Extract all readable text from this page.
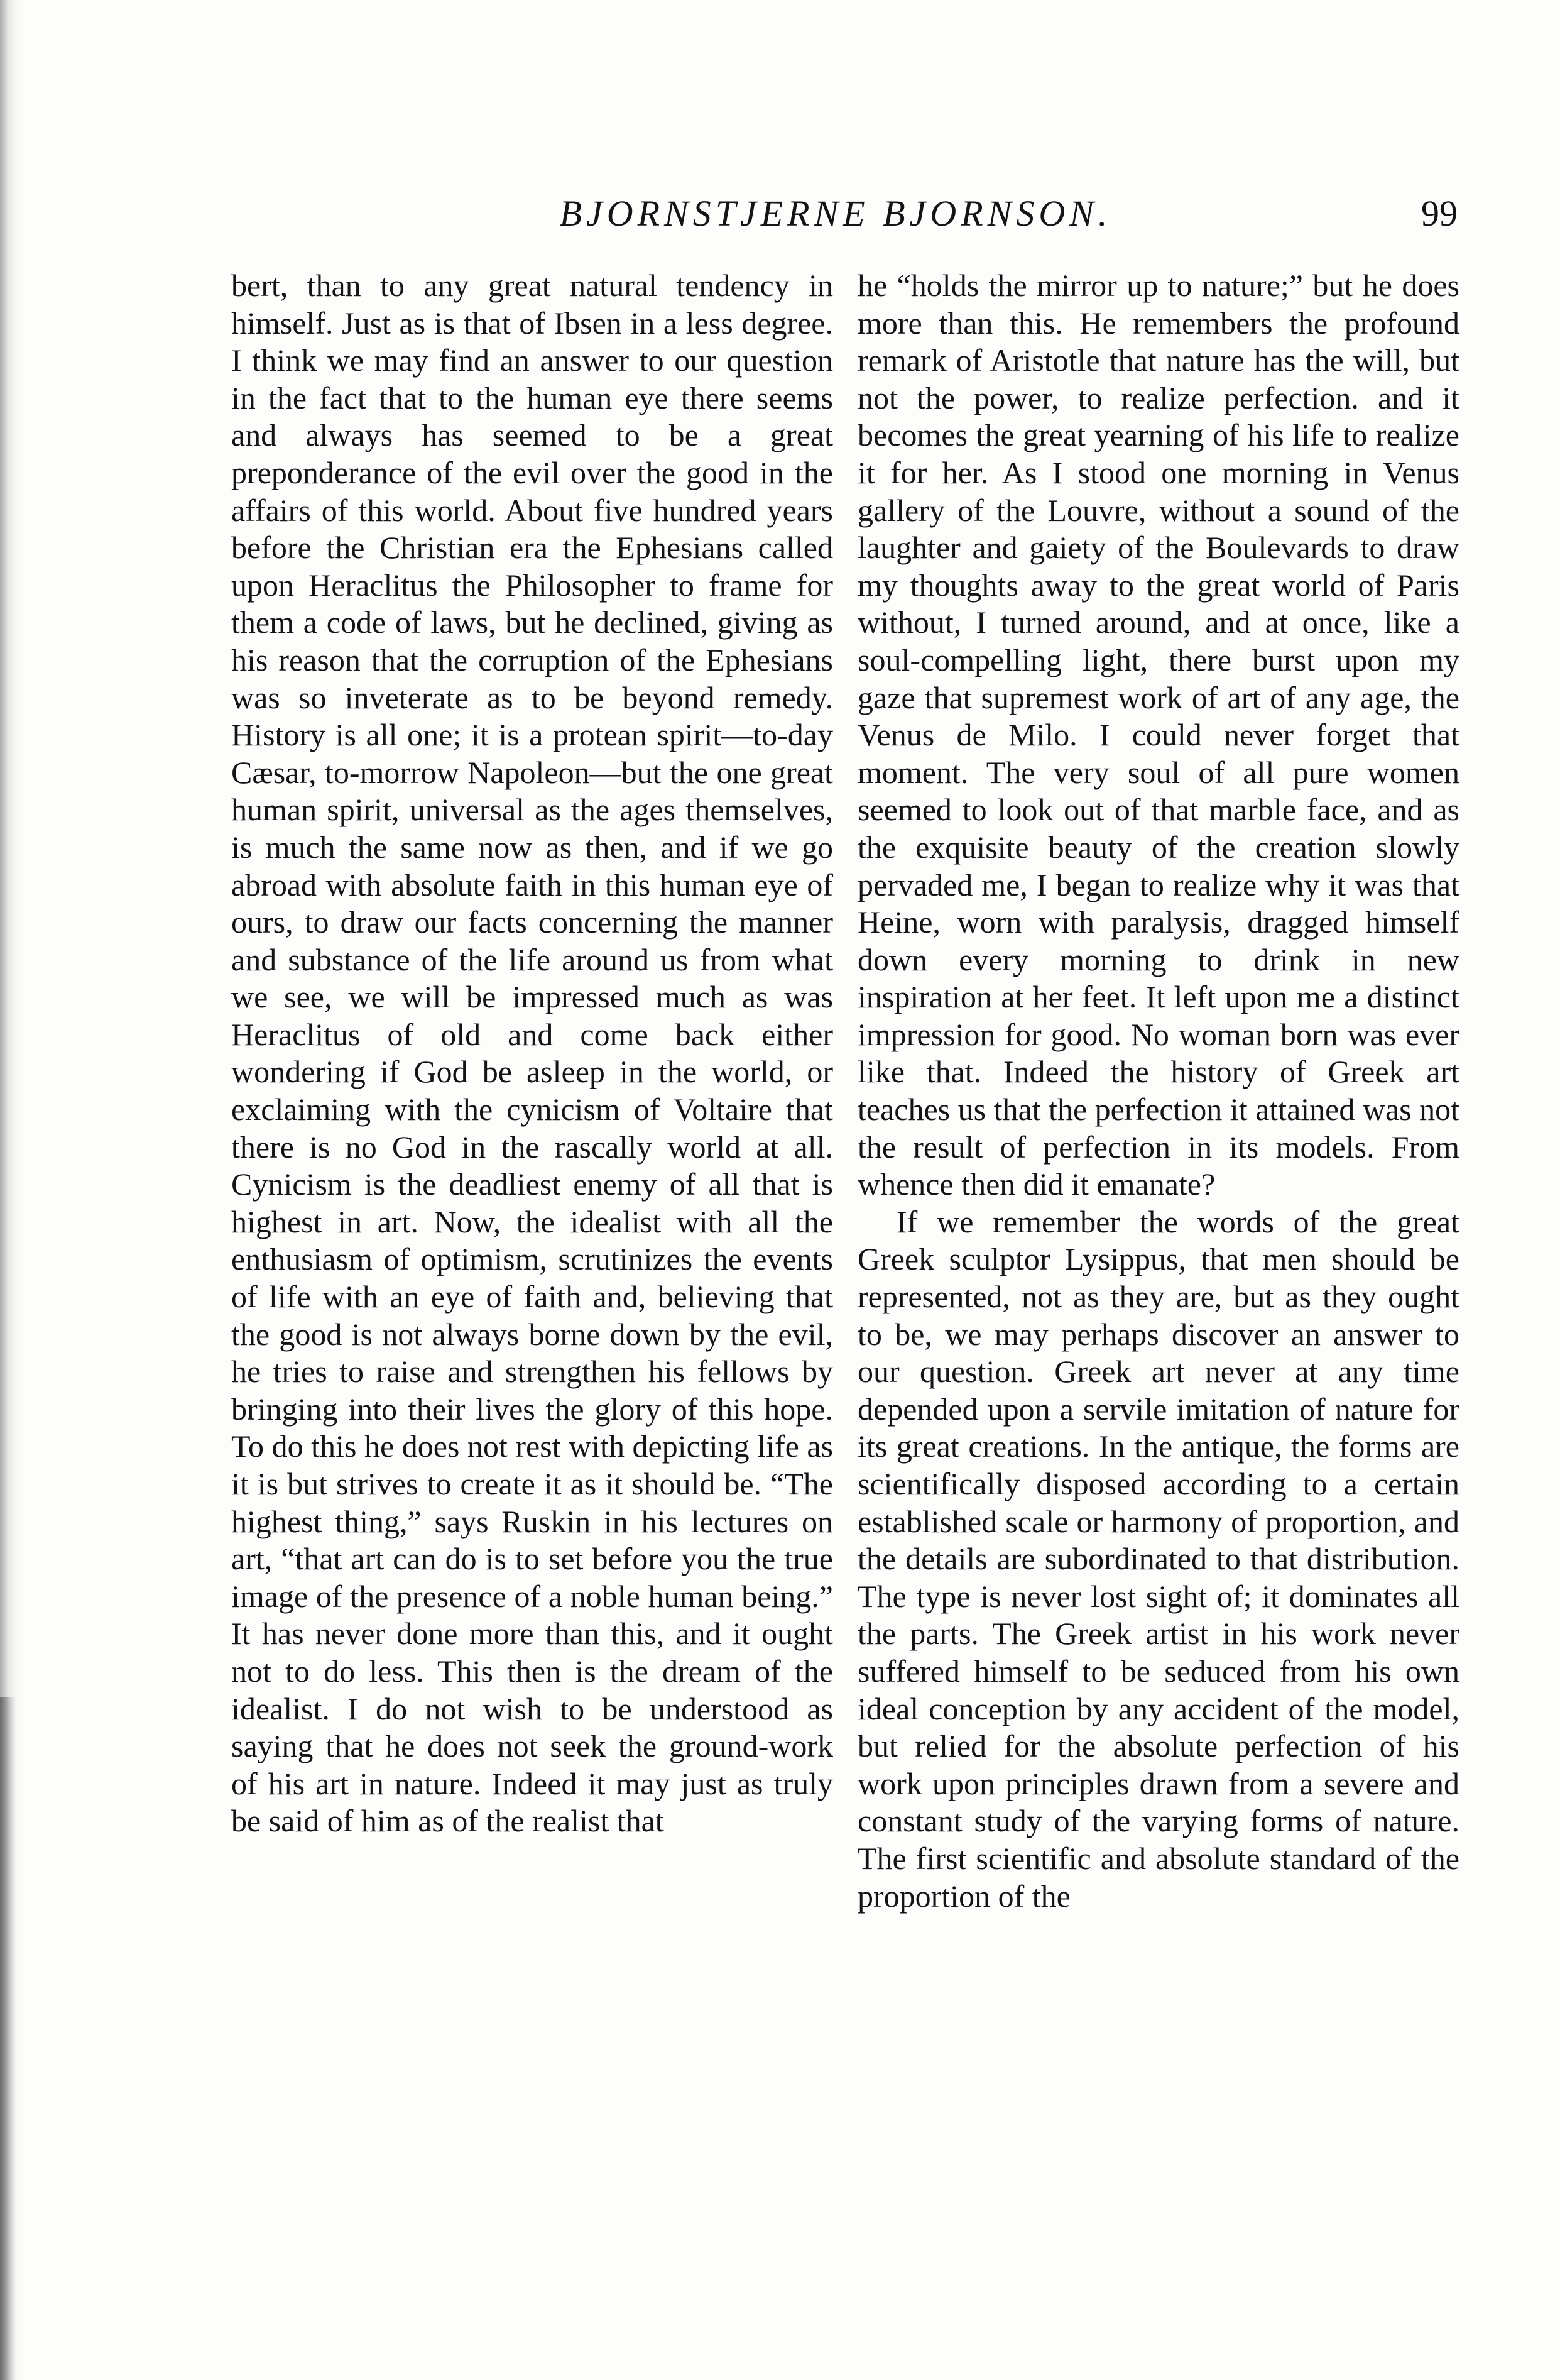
BJORNSTJERNE BJORNSON.	99

bert, than to any great natural tendency in himself. Just as is that of Ibsen in a less degree. I think we may find an answer to our question in the fact that to the human eye there seems and always has seemed to be a great preponderance of the evil over the good in the affairs of this world. About five hundred years before the Christian era the Ephesians called upon Heraclitus the Philosopher to frame for them a code of laws, but he declined, giving as his reason that the corruption of the Ephesians was so inveterate as to be beyond remedy. History is all one; it is a protean spirit—to-day Cæsar, to-morrow Napoleon—but the one great human spirit, universal as the ages themselves, is much the same now as then, and if we go abroad with absolute faith in this human eye of ours, to draw our facts concerning the manner and substance of the life around us from what we see, we will be impressed much as was Heraclitus of old and come back either wondering if God be asleep in the world, or exclaiming with the cynicism of Voltaire that there is no God in the rascally world at all. Cynicism is the deadliest enemy of all that is highest in art. Now, the idealist with all the enthusiasm of optimism, scrutinizes the events of life with an eye of faith and, believing that the good is not always borne down by the evil, he tries to raise and strengthen his fellows by bringing into their lives the glory of this hope. To do this he does not rest with depicting life as it is but strives to create it as it should be. “The highest thing,” says Ruskin in his lectures on art, “that art can do is to set before you the true image of the presence of a noble human being.” It has never done more than this, and it ought not to do less. This then is the dream of the idealist. I do not wish to be understood as saying that he does not seek the ground-work of his art in nature. Indeed it may just as truly be said of him as of the realist that

he “holds the mirror up to nature;” but he does more than this. He remembers the profound remark of Aristotle that nature has the will, but not the power, to realize perfection. and it becomes the great yearning of his life to realize it for her. As I stood one morning in Venus gallery of the Louvre, without a sound of the laughter and gaiety of the Boulevards to draw my thoughts away to the great world of Paris without, I turned around, and at once, like a soul-compelling light, there burst upon my gaze that supremest work of art of any age, the Venus de Milo. I could never forget that moment. The very soul of all pure women seemed to look out of that marble face, and as the exquisite beauty of the creation slowly pervaded me, I began to realize why it was that Heine, worn with paralysis, dragged himself down every morning to drink in new inspiration at her feet. It left upon me a distinct impression for good. No woman born was ever like that. Indeed the history of Greek art teaches us that the perfection it attained was not the result of perfection in its models. From whence then did it emanate?

If we remember the words of the great Greek sculptor Lysippus, that men should be represented, not as they are, but as they ought to be, we may perhaps discover an answer to our question. Greek art never at any time depended upon a servile imitation of nature for its great creations. In the antique, the forms are scientifically disposed according to a certain established scale or harmony of proportion, and the details are subordinated to that distribution. The type is never lost sight of; it dominates all the parts. The Greek artist in his work never suffered himself to be seduced from his own ideal conception by any accident of the model, but relied for the absolute perfection of his work upon principles drawn from a severe and constant study of the varying forms of nature. The first scientific and absolute standard of the proportion of the
